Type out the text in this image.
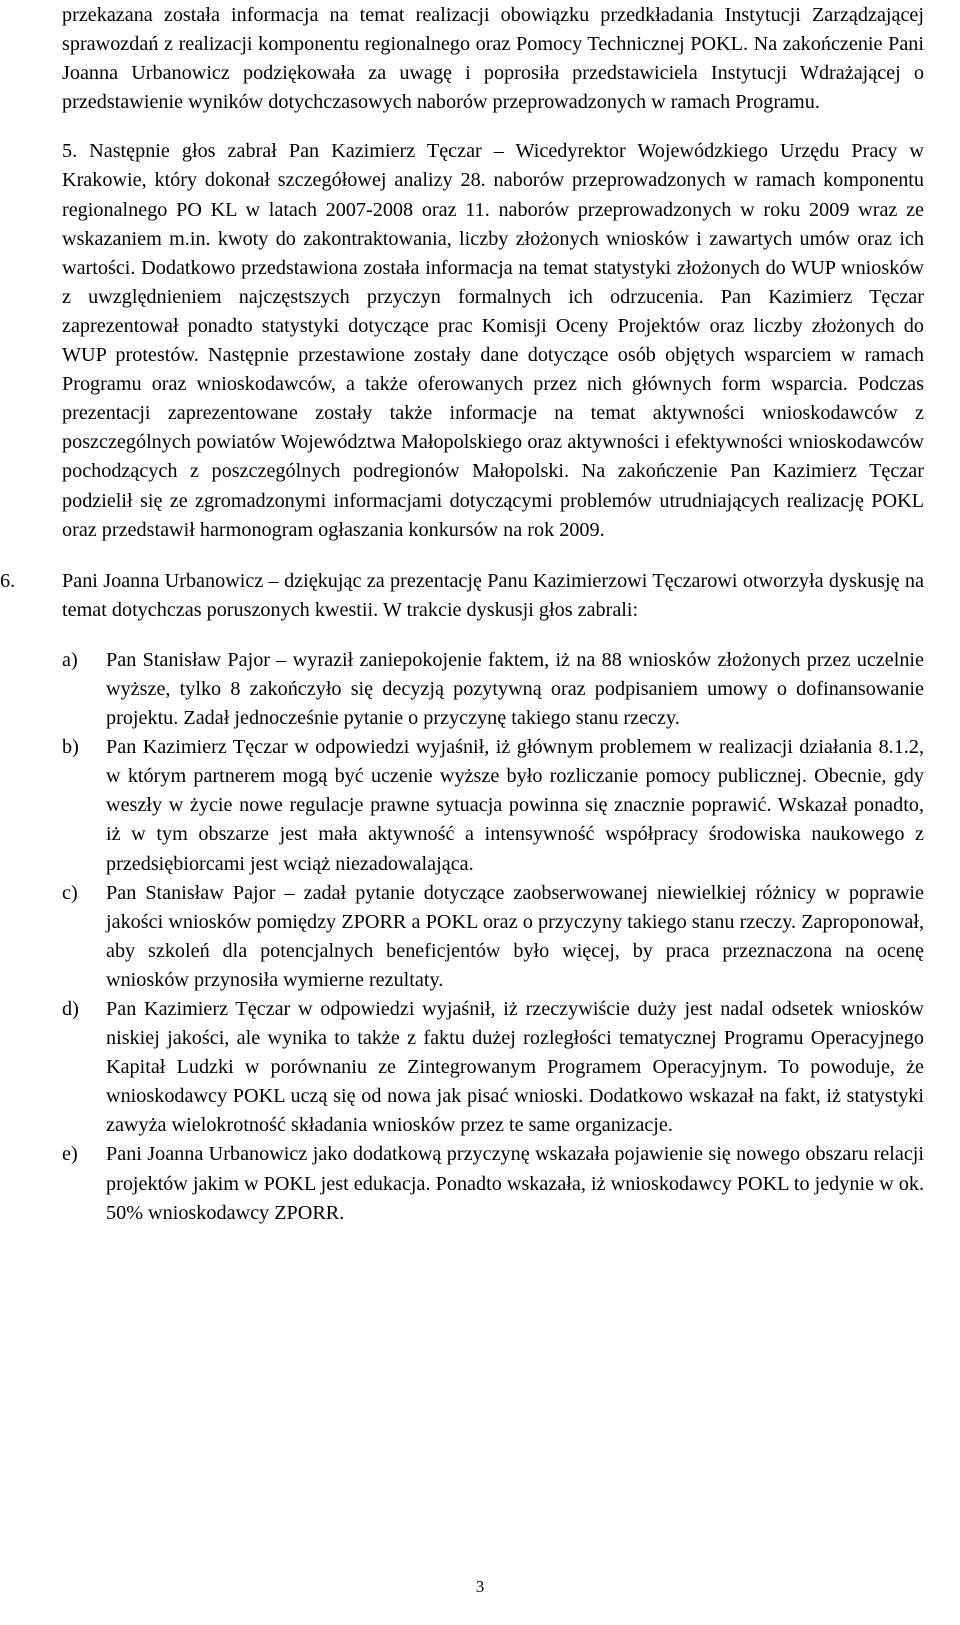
przekazana została informacja na temat realizacji obowiązku przedkładania Instytucji Zarządzającej sprawozdań z realizacji komponentu regionalnego oraz Pomocy Technicznej POKL. Na zakończenie Pani Joanna Urbanowicz podziękowała za uwagę i poprosiła przedstawiciela Instytucji Wdrażającej o przedstawienie wyników dotychczasowych naborów przeprowadzonych w ramach Programu.

5. Następnie głos zabrał Pan Kazimierz Tęczar – Wicedyrektor Wojewódzkiego Urzędu Pracy w Krakowie, który dokonał szczegółowej analizy 28. naborów przeprowadzonych w ramach komponentu regionalnego PO KL w latach 2007-2008 oraz 11. naborów przeprowadzonych w roku 2009 wraz ze wskazaniem m.in. kwoty do zakontraktowania, liczby złożonych wniosków i zawartych umów oraz ich wartości. Dodatkowo przedstawiona została informacja na temat statystyki złożonych do WUP wniosków z uwzględnieniem najczęstszych przyczyn formalnych ich odrzucenia. Pan Kazimierz Tęczar zaprezentował ponadto statystyki dotyczące prac Komisji Oceny Projektów oraz liczby złożonych do WUP protestów. Następnie przestawione zostały dane dotyczące osób objętych wsparciem w ramach Programu oraz wnioskodawców, a także oferowanych przez nich głównych form wsparcia. Podczas prezentacji zaprezentowane zostały także informacje na temat aktywności wnioskodawców z poszczególnych powiatów Województwa Małopolskiego oraz aktywności i efektywności wnioskodawców pochodzących z poszczególnych podregionów Małopolski. Na zakończenie Pan Kazimierz Tęczar podzielił się ze zgromadzonymi informacjami dotyczącymi problemów utrudniających realizację POKL oraz przedstawił harmonogram ogłaszania konkursów na rok 2009.

6. Pani Joanna Urbanowicz – dziękując za prezentację Panu Kazimierzowi Tęczarowi otworzyła dyskusję na temat dotychczas poruszonych kwestii. W trakcie dyskusji głos zabrali:

a) Pan Stanisław Pajor – wyraził zaniepokojenie faktem, iż na 88 wniosków złożonych przez uczelnie wyższe, tylko 8 zakończyło się decyzją pozytywną oraz podpisaniem umowy o dofinansowanie projektu. Zadał jednocześnie pytanie o przyczynę takiego stanu rzeczy.

b) Pan Kazimierz Tęczar w odpowiedzi wyjaśnił, iż głównym problemem w realizacji działania 8.1.2, w którym partnerem mogą być uczenie wyższe było rozliczanie pomocy publicznej. Obecnie, gdy weszły w życie nowe regulacje prawne sytuacja powinna się znacznie poprawić. Wskazał ponadto, iż w tym obszarze jest mała aktywność a intensywność współpracy środowiska naukowego z przedsiębiorcami jest wciąż niezadowalająca.

c) Pan Stanisław Pajor – zadał pytanie dotyczące zaobserwowanej niewielkiej różnicy w poprawie jakości wniosków pomiędzy ZPORR a POKL oraz o przyczyny takiego stanu rzeczy. Zaproponował, aby szkoleń dla potencjalnych beneficjentów było więcej, by praca przeznaczona na ocenę wniosków przynosiła wymierne rezultaty.

d) Pan Kazimierz Tęczar w odpowiedzi wyjaśnił, iż rzeczywiście duży jest nadal odsetek wniosków niskiej jakości, ale wynika to także z faktu dużej rozległości tematycznej Programu Operacyjnego Kapitał Ludzki w porównaniu ze Zintegrowanym Programem Operacyjnym. To powoduje, że wnioskodawcy POKL uczą się od nowa jak pisać wnioski. Dodatkowo wskazał na fakt, iż statystyki zawyża wielokrotność składania wniosków przez te same organizacje.

e) Pani Joanna Urbanowicz jako dodatkową przyczynę wskazała pojawienie się nowego obszaru relacji projektów jakim w POKL jest edukacja. Ponadto wskazała, iż wnioskodawcy POKL to jedynie w ok. 50% wnioskodawcy ZPORR.

3
